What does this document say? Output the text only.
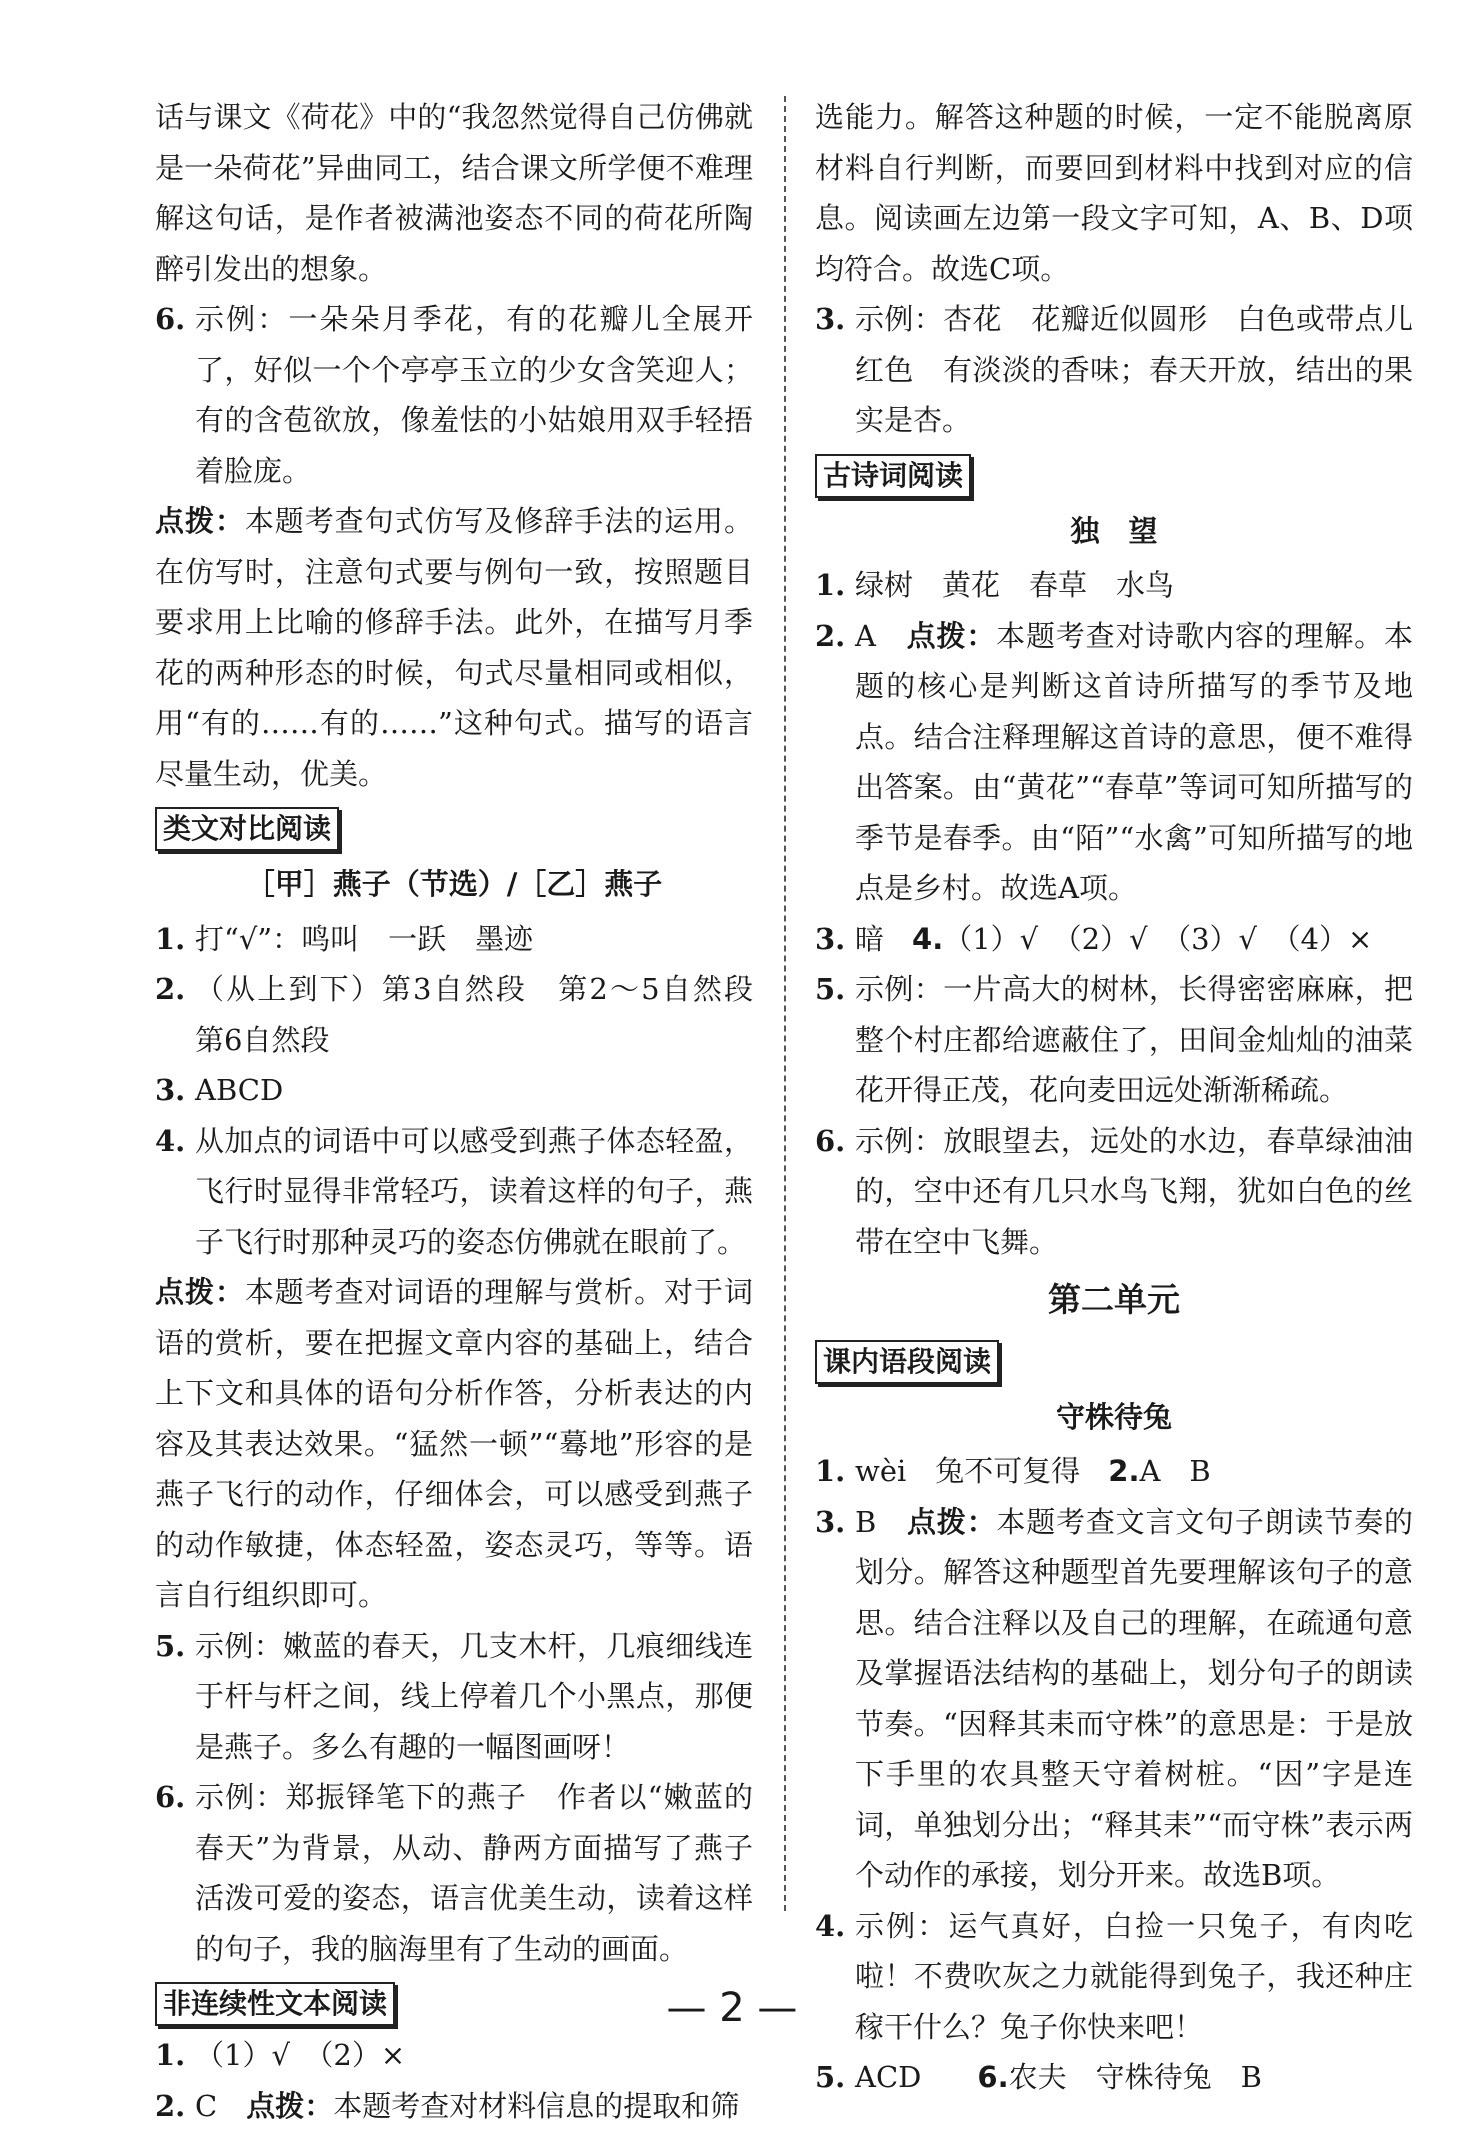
话与课文《荷花》中的“我忽然觉得自己仿佛就是一朵荷花”异曲同工，结合课文所学便不难理解这句话，是作者被满池姿态不同的荷花所陶醉引发出的想象。

6. 示例：一朵朵月季花，有的花瓣儿全展开了，好似一个个亭亭玉立的少女含笑迎人；有的含苞欲放，像羞怯的小姑娘用双手轻捂着脸庞。

点拨：本题考查句式仿写及修辞手法的运用。在仿写时，注意句式要与例句一致，按照题目要求用上比喻的修辞手法。此外，在描写月季花的两种形态的时候，句式尽量相同或相似，用“有的……有的……”这种句式。描写的语言尽量生动，优美。

类文对比阅读
［甲］燕子（节选）/［乙］燕子

1. 打“√”：鸣叫　一跃　墨迹

2. （从上到下）第3自然段　第2～5自然段　第6自然段

3. ABCD

4. 从加点的词语中可以感受到燕子体态轻盈，飞行时显得非常轻巧，读着这样的句子，燕子飞行时那种灵巧的姿态仿佛就在眼前了。

点拨：本题考查对词语的理解与赏析。对于词语的赏析，要在把握文章内容的基础上，结合上下文和具体的语句分析作答，分析表达的内容及其表达效果。“猛然一顿”“蓦地”形容的是燕子飞行的动作，仔细体会，可以感受到燕子的动作敏捷，体态轻盈，姿态灵巧，等等。语言自行组织即可。

5. 示例：嫩蓝的春天，几支木杆，几痕细线连于杆与杆之间，线上停着几个小黑点，那便是燕子。多么有趣的一幅图画呀！

6. 示例：郑振铎笔下的燕子　作者以“嫩蓝的春天”为背景，从动、静两方面描写了燕子活泼可爱的姿态，语言优美生动，读着这样的句子，我的脑海里有了生动的画面。

非连续性文本阅读

1. （1）√　（2）×

2. C　点拨：本题考查对材料信息的提取和筛

选能力。解答这种题的时候，一定不能脱离原材料自行判断，而要回到材料中找到对应的信息。阅读画左边第一段文字可知，A、B、D项均符合。故选C项。

3. 示例：杏花　花瓣近似圆形　白色或带点儿红色　有淡淡的香味；春天开放，结出的果实是杏。

古诗词阅读
独　望

1. 绿树　黄花　春草　水鸟

2. A　点拨：本题考查对诗歌内容的理解。本题的核心是判断这首诗所描写的季节及地点。结合注释理解这首诗的意思，便不难得出答案。由“黄花”“春草”等词可知所描写的季节是春季。由“陌”“水禽”可知所描写的地点是乡村。故选A项。

3. 暗 4.（1）√　（2）√　（3）√　（4）×

5. 示例：一片高大的树林，长得密密麻麻，把整个村庄都给遮蔽住了，田间金灿灿的油菜花开得正茂，花向麦田远处渐渐稀疏。

6. 示例：放眼望去，远处的水边，春草绿油油的，空中还有几只水鸟飞翔，犹如白色的丝带在空中飞舞。

第二单元
课内语段阅读
守株待兔

1. wèi　兔不可复得 2.A　B

3. B　点拨：本题考查文言文句子朗读节奏的划分。解答这种题型首先要理解该句子的意思。结合注释以及自己的理解，在疏通句意及掌握语法结构的基础上，划分句子的朗读节奏。“因释其耒而守株”的意思是：于是放下手里的农具整天守着树桩。“因”字是连词，单独划分出；“释其耒”“而守株”表示两个动作的承接，划分开来。故选B项。

4. 示例：运气真好，白捡一只兔子，有肉吃啦！不费吹灰之力就能得到兔子，我还种庄稼干什么？兔子你快来吧！

5. ACD 6.农夫　守株待兔　B

— 2 —
